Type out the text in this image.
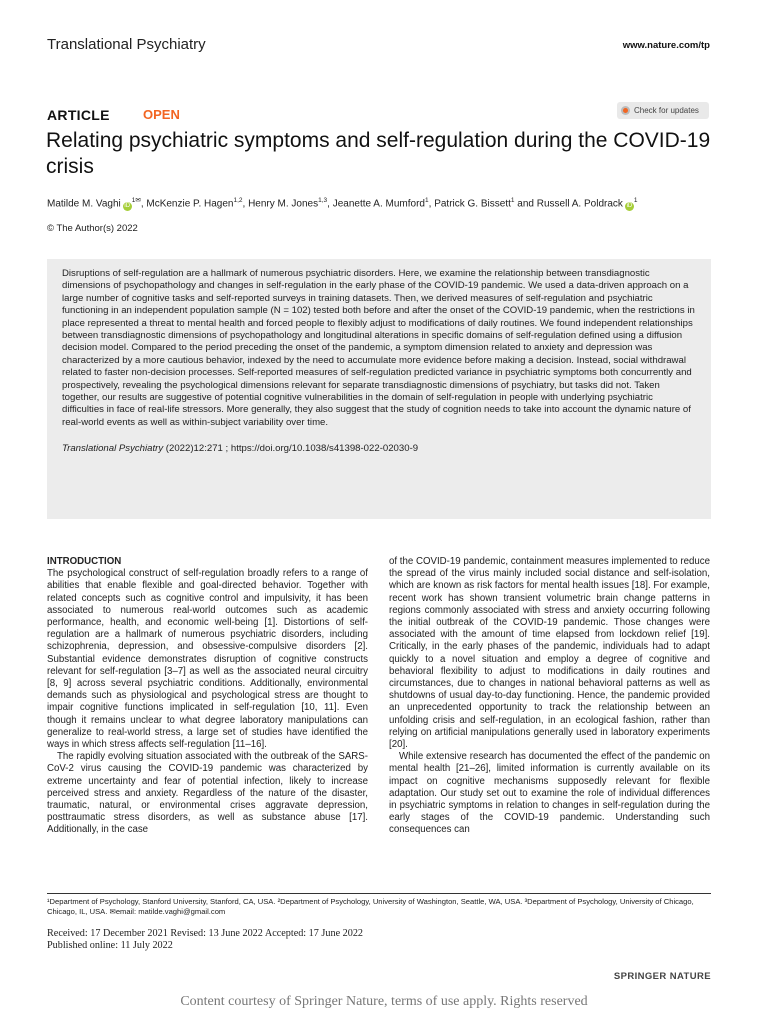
Translational Psychiatry	www.nature.com/tp
ARTICLE	OPEN	Check for updates
Relating psychiatric symptoms and self-regulation during the COVID-19 crisis
Matilde M. Vaghi $iD^{1✉}$, McKenzie P. Hagen$^{1,2}$, Henry M. Jones$^{1,3}$, Jeanette A. Mumford$^1$, Patrick G. Bissett$^1$ and Russell A. Poldrack $iD^1$
© The Author(s) 2022
Disruptions of self-regulation are a hallmark of numerous psychiatric disorders. Here, we examine the relationship between transdiagnostic dimensions of psychopathology and changes in self-regulation in the early phase of the COVID-19 pandemic. We used a data-driven approach on a large number of cognitive tasks and self-reported surveys in training datasets. Then, we derived measures of self-regulation and psychiatric functioning in an independent population sample (N = 102) tested both before and after the onset of the COVID-19 pandemic, when the restrictions in place represented a threat to mental health and forced people to flexibly adjust to modifications of daily routines. We found independent relationships between transdiagnostic dimensions of psychopathology and longitudinal alterations in specific domains of self-regulation defined using a diffusion decision model. Compared to the period preceding the onset of the pandemic, a symptom dimension related to anxiety and depression was characterized by a more cautious behavior, indexed by the need to accumulate more evidence before making a decision. Instead, social withdrawal related to faster non-decision processes. Self-reported measures of self-regulation predicted variance in psychiatric symptoms both concurrently and prospectively, revealing the psychological dimensions relevant for separate transdiagnostic dimensions of psychiatry, but tasks did not. Taken together, our results are suggestive of potential cognitive vulnerabilities in the domain of self-regulation in people with underlying psychiatric difficulties in face of real-life stressors. More generally, they also suggest that the study of cognition needs to take into account the dynamic nature of real-world events as well as within-subject variability over time.
Translational Psychiatry (2022)12:271 ; https://doi.org/10.1038/s41398-022-02030-9
INTRODUCTION

The psychological construct of self-regulation broadly refers to a range of abilities that enable flexible and goal-directed behavior. Together with related concepts such as cognitive control and impulsivity, it has been associated to numerous real-world outcomes such as academic performance, health, and economic well-being [1]. Distortions of self-regulation are a hallmark of numerous psychiatric disorders, including schizophrenia, depression, and obsessive-compulsive disorders [2]. Substantial evidence demonstrates disruption of cognitive constructs relevant for self-regulation [3–7] as well as the associated neural circuitry [8, 9] across several psychiatric conditions. Additionally, environmental demands such as physiological and psychological stress are thought to impair cognitive functions implicated in self-regulation [10, 11]. Even though it remains unclear to what degree laboratory manipulations can generalize to real-world stress, a large set of studies have identified the ways in which stress affects self-regulation [11–16].

The rapidly evolving situation associated with the outbreak of the SARS-CoV-2 virus causing the COVID-19 pandemic was characterized by extreme uncertainty and fear of potential infection, likely to increase perceived stress and anxiety. Regardless of the nature of the disaster, traumatic, natural, or environmental crises aggravate depression, posttraumatic stress disorders, as well as substance abuse [17]. Additionally, in the case

of the COVID-19 pandemic, containment measures implemented to reduce the spread of the virus mainly included social distance and self-isolation, which are known as risk factors for mental health issues [18]. For example, recent work has shown transient volumetric brain change patterns in regions commonly associated with stress and anxiety occurring following the initial outbreak of the COVID-19 pandemic. Those changes were associated with the amount of time elapsed from lockdown relief [19]. Critically, in the early phases of the pandemic, individuals had to adapt quickly to a novel situation and employ a degree of cognitive and behavioral flexibility to adjust to modifications in daily routines and circumstances, due to changes in national behavioral patterns as well as shutdowns of usual day-to-day functioning. Hence, the pandemic provided an unprecedented opportunity to track the relationship between an unfolding crisis and self-regulation, in an ecological fashion, rather than relying on artificial manipulations generally used in laboratory experiments [20].

While extensive research has documented the effect of the pandemic on mental health [21–26], limited information is currently available on its impact on cognitive mechanisms supposedly relevant for flexible adaptation. Our study set out to examine the role of individual differences in psychiatric symptoms in relation to changes in self-regulation during the early stages of the COVID-19 pandemic. Understanding such consequences can

¹Department of Psychology, Stanford University, Stanford, CA, USA. ²Department of Psychology, University of Washington, Seattle, WA, USA. ³Department of Psychology, University of Chicago, Chicago, IL, USA. ✉email: matilde.vaghi@gmail.com
Received: 17 December 2021 Revised: 13 June 2022 Accepted: 17 June 2022
Published online: 11 July 2022
SPRINGER NATURE
Content courtesy of Springer Nature, terms of use apply. Rights reserved
